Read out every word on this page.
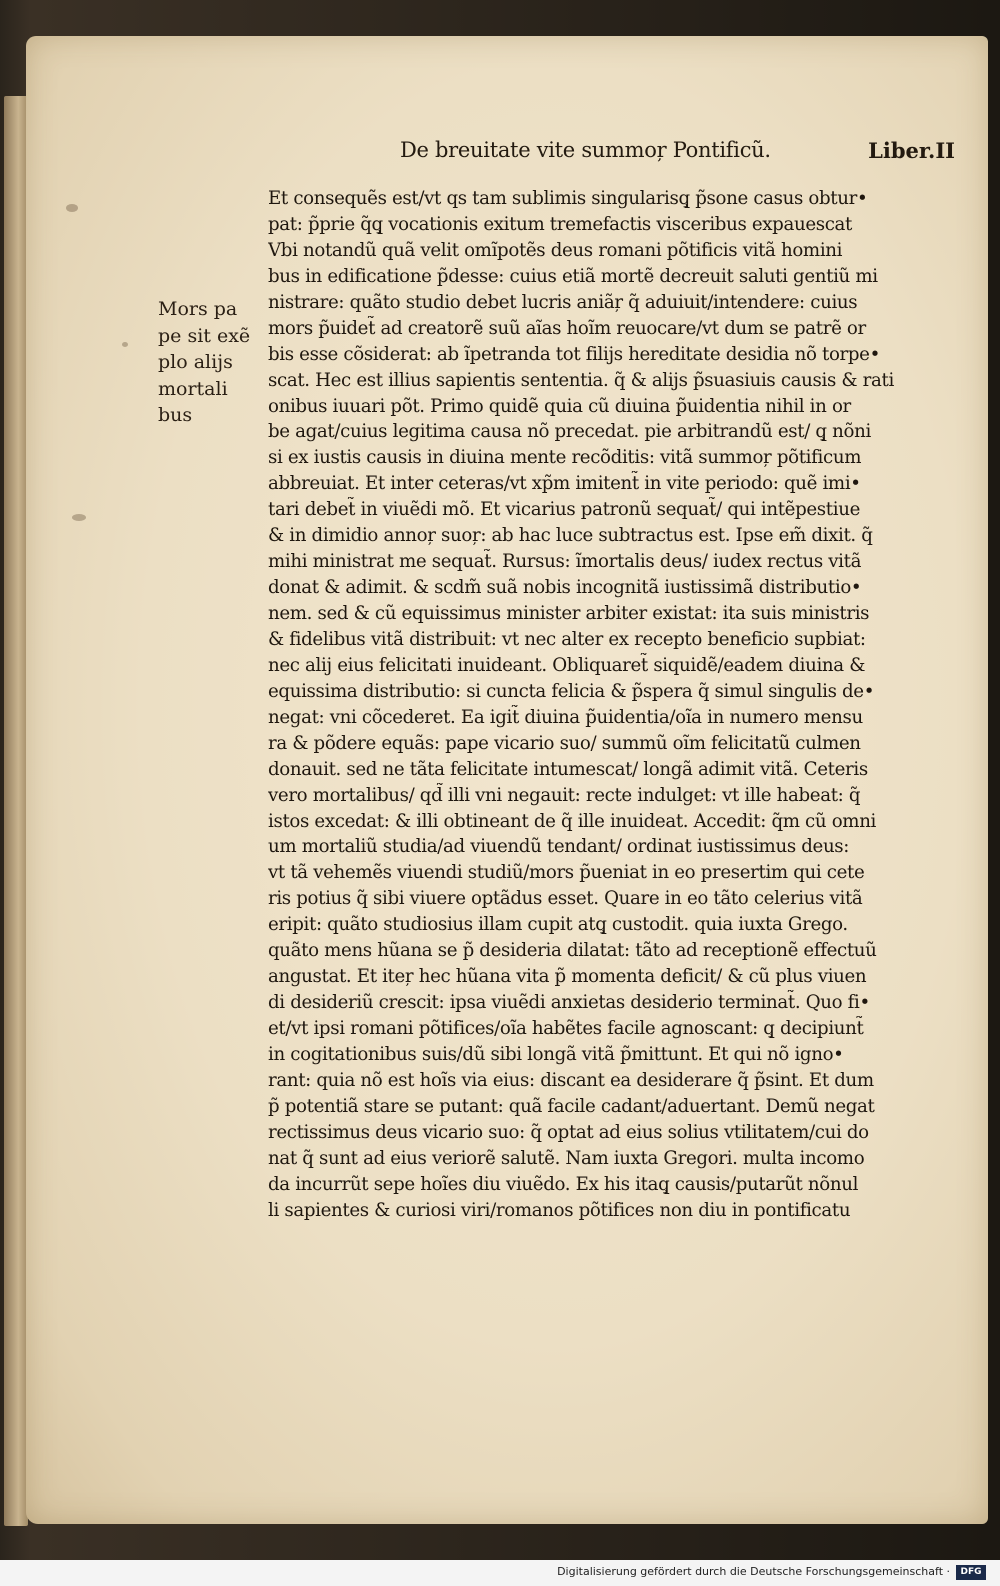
De breuitate vite summoŗ Pontificũ.	Liber.II
Mors pa
pe sit exẽ
plo alijs
mortali
bus
Et consequẽs est/vt qs tam sublimis singularisq̧ p̃sone casus obtur•
pat: p̃prie q̃q̧ vocationis exitum tremefactis visceribus expauescat
Vbi notandũ quã velit omĩpotẽs deus romani põtificis vitã homini
bus in edificatione p̃desse: cuius etiã mortẽ decreuit saluti gentiũ mi
nistrare: quãto studio debet lucris aniãŗ q̃ aduiuit/intendere: cuius
mors p̃uidet̃ ad creatorẽ suũ aĩas hoĩm reuocare/vt dum se patrẽ or
bis esse cõsiderat: ab ĩpetranda tot filijs hereditate desidia nõ torpe•
scat. Hec est illius sapientis sententia. q̃ & alijs p̃suasiuis causis & rati
onibus iuuari põt. Primo quidẽ quia cũ diuina p̃uidentia nihil in or
be agat/cuius legitima causa nõ precedat. pie arbitrandũ est/ q̧ nõni
si ex iustis causis in diuina mente recõditis: vitã summoŗ põtificum
abbreuiat. Et inter ceteras/vt xp̃m imitent̃ in vite periodo: quẽ imi•
tari debet̃ in viuẽdi mõ. Et vicarius patronũ sequat̃/ qui intẽpestiue
& in dimidio annoŗ suoŗ: ab hac luce subtractus est. Ipse em̃ dixit. q̃
mihi ministrat me sequat̃. Rursus: ĩmortalis deus/ iudex rectus vitã
donat & adimit. & scdm̃ suã nobis incognitã iustissimã distributio•
nem. sed & cũ equissimus minister arbiter existat: ita suis ministris
& fidelibus vitã distribuit: vt nec alter ex recepto beneficio supbiat:
nec alij eius felicitati inuideant. Obliquaret̃ siquidẽ/eadem diuina &
equissima distributio: si cuncta felicia & p̃spera q̃ simul singulis de•
negat: vni cõcederet. Ea igit̃ diuina p̃uidentia/oĩa in numero mensu
ra & põdere equãs: pape vicario suo/ summũ oĩm felicitatũ culmen
donauit. sed ne tãta felicitate intumescat/ longã adimit vitã. Ceteris
vero mortalibus/ qd̃ illi vni negauit: recte indulget: vt ille habeat: q̃
istos excedat: & illi obtineant de q̃ ille inuideat. Accedit: q̃m cũ omni
um mortaliũ studia/ad viuendũ tendant/ ordinat iustissimus deus:
vt tã vehemẽs viuendi studiũ/mors p̃ueniat in eo presertim qui cete
ris potius q̃ sibi viuere optãdus esset. Quare in eo tãto celerius vitã
eripit: quãto studiosius illam cupit atq̧ custodit. quia iuxta Grego.
quãto mens hũana se p̃ desideria dilatat: tãto ad receptionẽ effectuũ
angustat. Et iteŗ hec hũana vita p̃ momenta deficit/ & cũ plus viuen
di desideriũ crescit: ipsa viuẽdi anxietas desiderio terminat̃. Quo fi•
et/vt ipsi romani põtifices/oĩa habẽtes facile agnoscant: q̧ decipiunt̃
in cogitationibus suis/dũ sibi longã vitã p̃mittunt. Et qui nõ igno•
rant: quia nõ est hoĩs via eius: discant ea desiderare q̃ p̃sint. Et dum
p̃ potentiã stare se putant: quã facile cadant/aduertant. Demũ negat
rectissimus deus vicario suo: q̃ optat ad eius solius vtilitatem/cui do
nat q̃ sunt ad eius veriorẽ salutẽ. Nam iuxta Gregori. multa incomo
da incurrũt sepe hoĩes diu viuẽdo. Ex his itaq̧ causis/putarũt nõnul
li sapientes & curiosi viri/romanos põtifices non diu in pontificatu
Digitalisierung gefördert durch die Deutsche Forschungsgemeinschaft ·	DFG
